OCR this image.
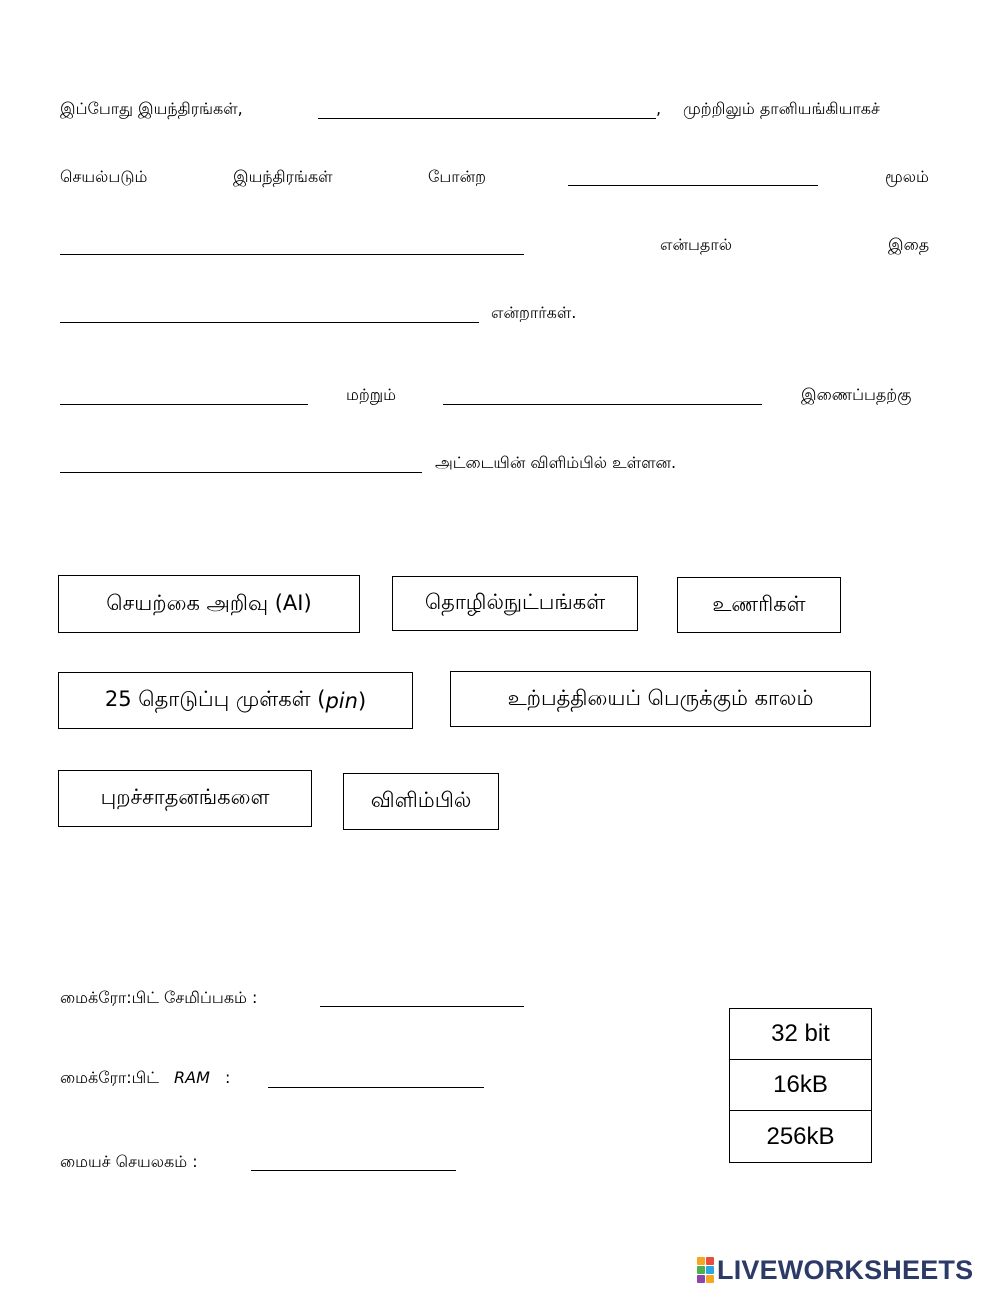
இப்போது இயந்திரங்கள்,	, முற்றிலும் தானியங்கியாகச்
செயல்படும்	இயந்திரங்கள்	போன்ற	மூலம்
என்பதால்	இதை
என்றார்கள்.
மற்றும்	இணைப்பதற்கு
அட்டையின் விளிம்பில் உள்ளன.
செயற்கை அறிவு (AI)	தொழில்நுட்பங்கள்	உணரிகள்
25 தொடுப்பு முள்கள் ( pin )	உற்பத்தியைப் பெருக்கும் காலம்
புறச்சாதனங்களை	விளிம்பில்
மைக்ரோ:பிட் சேமிப்பகம் :
மைக்ரோ:பிட் RAM :
மையச் செயலகம் :
32 bit
16kB
256kB
LIVEWORKSHEETS
